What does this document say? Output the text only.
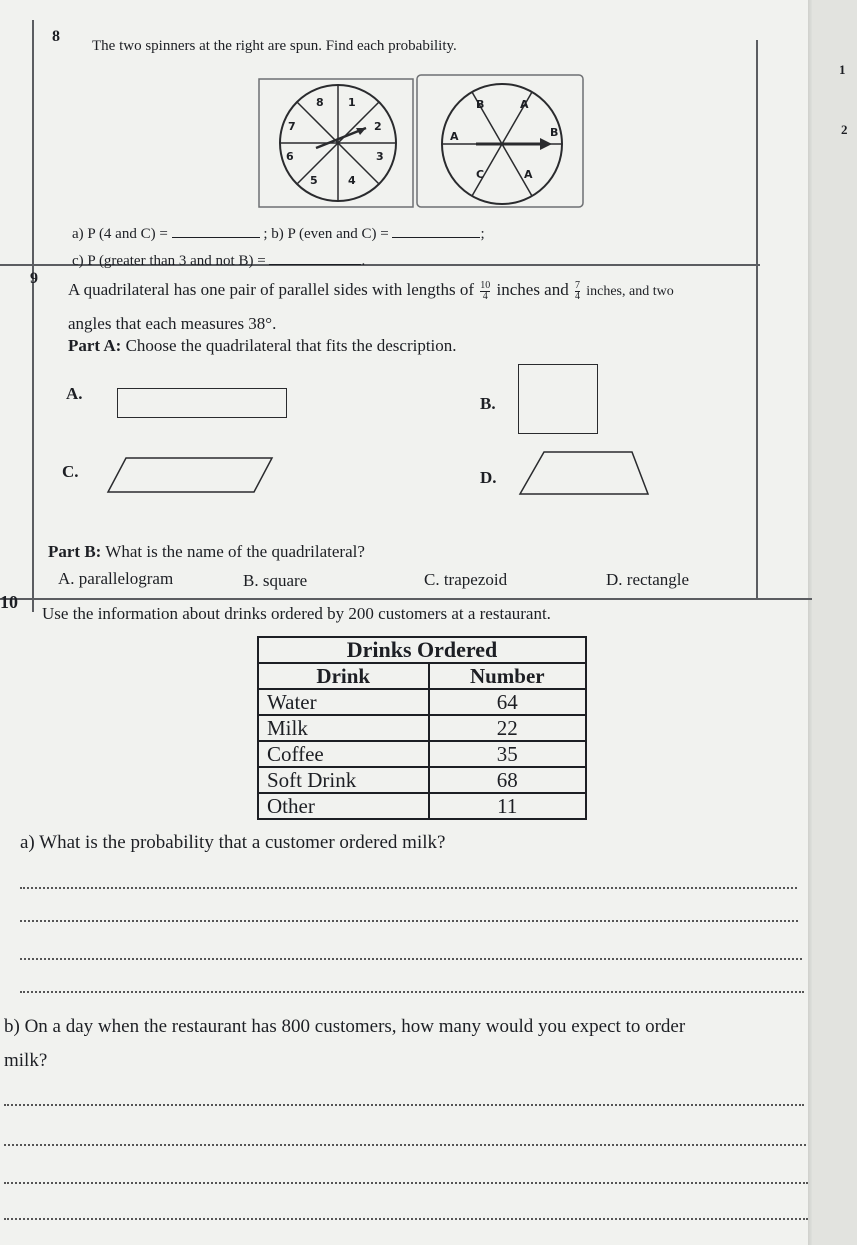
1
2
8
The two spinners at the right are spun. Find each probability.
8 1
2
3
4
5
6
7
B	A
B
A
C
A
a) P (4 and C) =	; b) P (even and C) =	;
c) P (greater than 3 and not B) =	.
9
A quadrilateral has one pair of parallel sides with lengths of $\frac{10}{4}$ inches and $\frac{7}{4}$ inches, and two
angles that each measures 38°.
Part A: Choose the quadrilateral that fits the description.
A.
B.
C.	D.
Part B: What is the name of the quadrilateral?
A. parallelogram	B. square	C. trapezoid	D. rectangle
10
Use the information about drinks ordered by 200 customers at a restaurant.
Drinks Ordered	
Drink	Number
Water	64
Milk	22
Coffee	35
Soft Drink	68
Other	11
a) What is the probability that a customer ordered milk?
b) On a day when the restaurant has 800 customers, how many would you expect to order
milk?
